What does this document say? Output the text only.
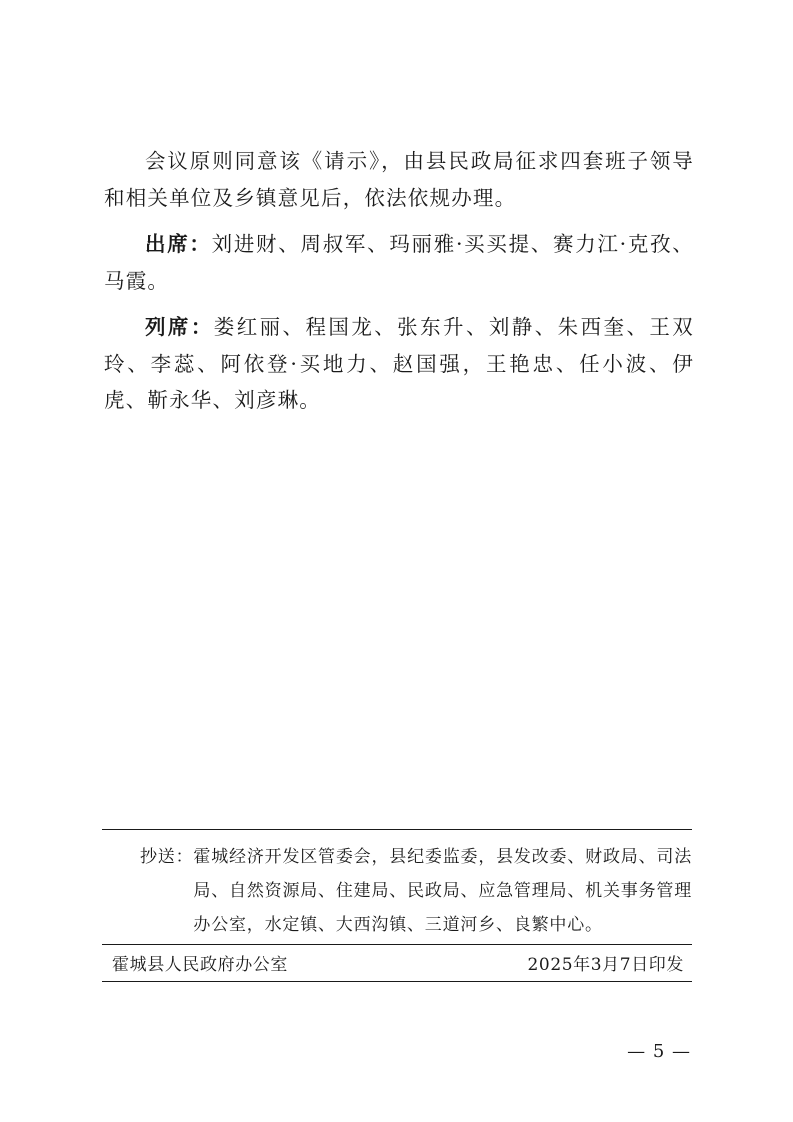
会议原则同意该《请示》，由县民政局征求四套班子领导和相关单位及乡镇意见后，依法依规办理。

出席：刘进财、周叔军、玛丽雅·买买提、赛力江·克孜、马霞。

列席：娄红丽、程国龙、张东升、刘静、朱西奎、王双玲、李蕊、阿依登·买地力、赵国强，王艳忠、任小波、伊虎、靳永华、刘彦琳。

抄送： 霍城经济开发区管委会，县纪委监委，县发改委、财政局、司法局、自然资源局、住建局、民政局、应急管理局、机关事务管理办公室，水定镇、大西沟镇、三道河乡、良繁中心。
霍城县人民政府办公室	2025年3月7日印发
— 5 —
